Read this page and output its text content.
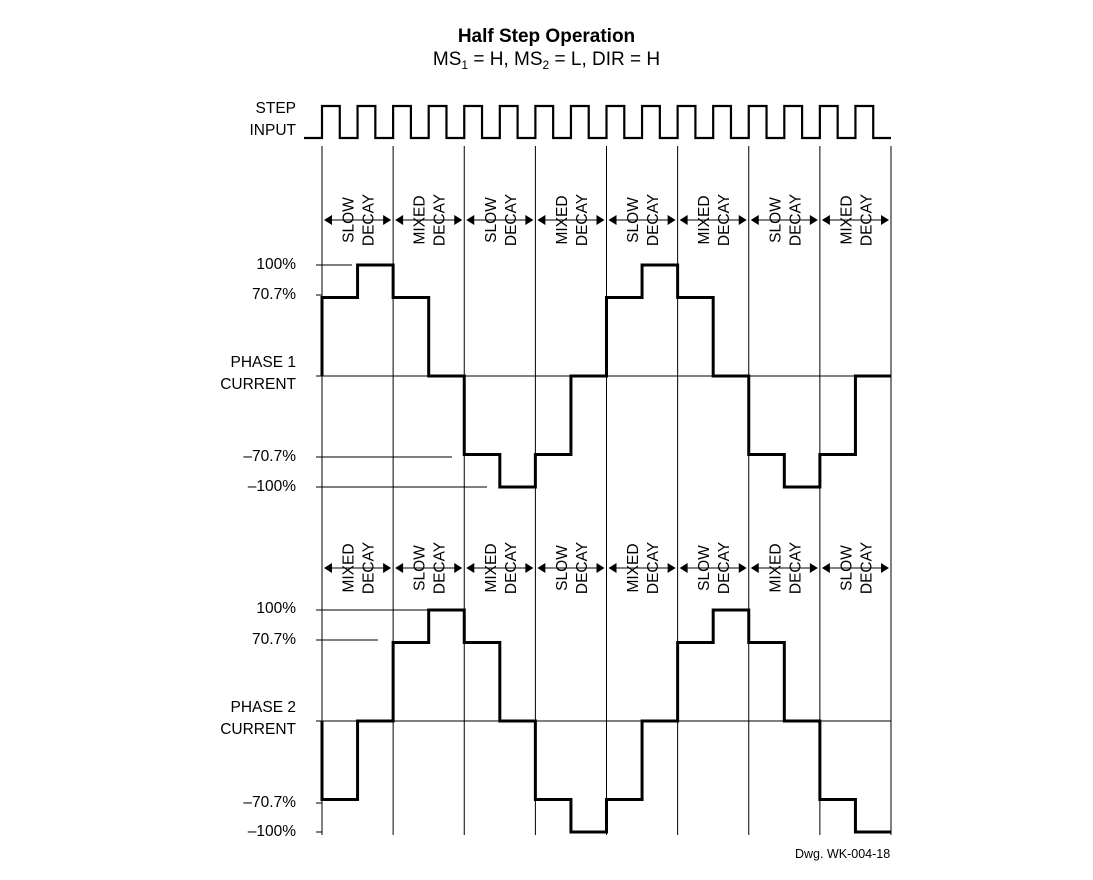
Half Step Operation
$MS_1 = H$, $MS_2 = L$, DIR = H
STEP
INPUT
100%
70.7%
PHASE 1
CURRENT
–70.7%
–100%
100%
70.7%
PHASE 2
CURRENT
–70.7%
–100%
SLOW DECAY MIXED DECAY SLOW DECAY MIXED DECAY SLOW DECAY MIXED DECAY SLOW DECAY MIXED DECAY
MIXED DECAY SLOW DECAY MIXED DECAY SLOW DECAY MIXED DECAY SLOW DECAY MIXED DECAY SLOW DECAY
Dwg. WK-004-18
